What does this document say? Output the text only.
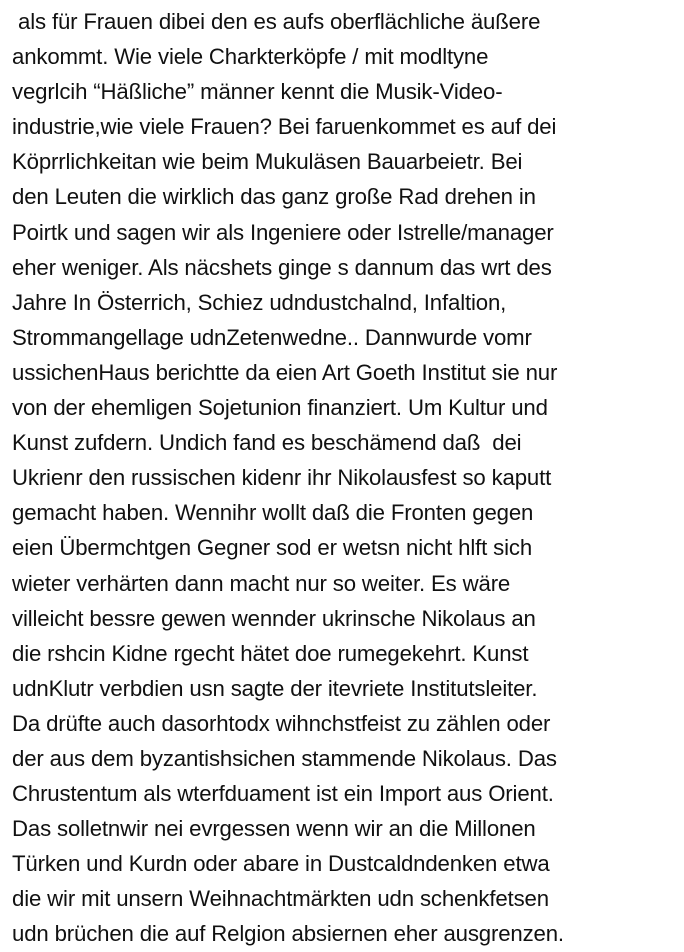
als für Frauen dibei den es aufs oberflächliche äußere
ankommt. Wie viele Charkterköpfe / mit modltyne
vegrlcih “Häßliche” männer kennt die Musik-Video-
industrie,wie viele Frauen? Bei faruenkommet es auf dei
Köprrlichkeitan wie beim Mukuläsen Bauarbeietr. Bei
den Leuten die wirklich das ganz große Rad drehen in
Poirtk und sagen wir als Ingeniere oder Istrelle/manager
eher weniger. Als näcshets ginge s dannum das wrt des
Jahre In Österrich, Schiez udndustchalnd, Infaltion,
Strommangellage udnZetenwedne.. Dannwurde vomr
ussichenHaus berichtte da eien Art Goeth Institut sie nur
von der ehemligen Sojetunion finanziert. Um Kultur und
Kunst zufdern. Undich fand es beschämend daß  dei
Ukrienr den russischen kidenr ihr Nikolausfest so kaputt
gemacht haben. Wennihr wollt daß die Fronten gegen
eien Übermchtgen Gegner sod er wetsn nicht hlft sich
wieter verhärten dann macht nur so weiter. Es wäre
villeicht bessre gewen wennder ukrinsche Nikolaus an
die rshcin Kidne rgecht hätet doe rumegekehrt. Kunst
udnKlutr verbdien usn sagte der itevriete Institutsleiter.
Da drüfte auch dasorhtodx wihnchstfeist zu zählen oder
der aus dem byzantishsichen stammende Nikolaus. Das
Chrustentum als wterfduament ist ein Import aus Orient.
Das solletnwir nei evrgessen wenn wir an die Millonen
Türken und Kurdn oder abare in Dustcaldndenken etwa
die wir mit unsern Weihnachtmärkten udn schenkfetsen
udn brüchen die auf Relgion absiernen eher ausgrenzen.
